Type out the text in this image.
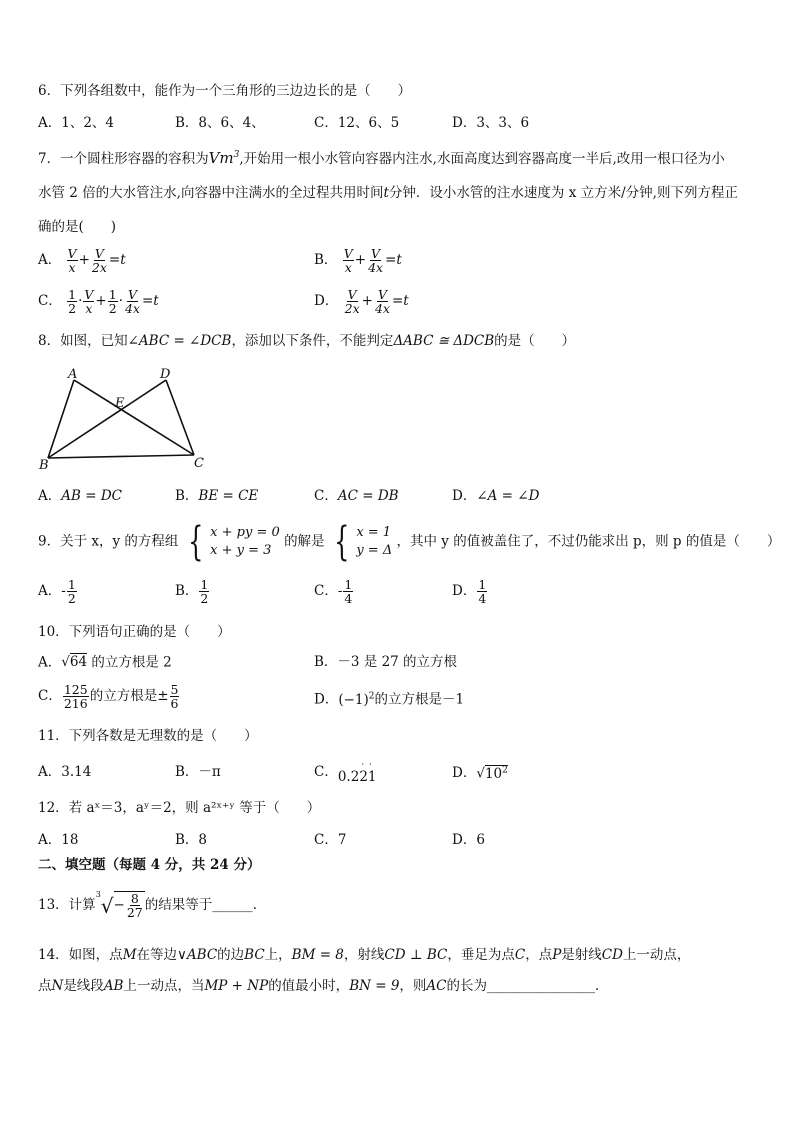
6．下列各组数中，能作为一个三角形的三边边长的是（　　）
A．1、2、4	B．8、6、4、	C．12、6、5	D．3、3、6
7．一个圆柱形容器的容积为Vm$^3$,开始用一根小水管向容器内注水,水面高度达到容器高度一半后,改用一根口径为小
水管 2 倍的大水管注水,向容器中注满水的全过程共用时间t分钟．设小水管的注水速度为 x 立方米/分钟,则下列方程正
确的是(　　)
A． $\frac{V}{x} + \frac{V}{2x} =t$	B． $\frac{V}{x} + \frac{V}{4x} =t$
C． $\frac{1}{2} \cdot \frac{V}{x} + \frac{1}{2} \cdot \frac{V}{4x} =t$	D． $\frac{V}{2x} + \frac{V}{4x} =t$
8．如图，已知∠ABC = ∠DCB，添加以下条件，不能判定ΔABC ≅ ΔDCB的是（　　）
A	D
E
B	C
A．AB = DC	B．BE = CE	C．AC = DB	D．∠A = ∠D
9．关于 x，y 的方程组 { x + py = 0
x + y = 3
的解是 { x = 1
y = Δ
，其中 y 的值被盖住了，不过仍能求出 p，则 p 的值是（　　）
A．- $\frac{1}{2}$	B． $\frac{1}{2}$	C．- $\frac{1}{4}$	D． $\frac{1}{4}$
10．下列语句正确的是（　　）
A．√64 的立方根是 2	B．－3 是 27 的立方根
C． $\frac{125}{216}$ 的立方根是± $\frac{5}{6}$	D．$(-1)^2$的立方根是－1
11．下列各数是无理数的是（　　）
A．3.14	B．－π	C．0.22
·
1
·	D．$√10^2$
12．若 aˣ＝3，aʸ＝2，则 a²ˣ⁺ʸ 等于（　　）
A．18	B．8	C．7	D．6
二、填空题（每题 4 分，共 24 分）
13．计算$^3√- \frac{8}{27}$ 的结果等于______．
14．如图，点M在等边∨ABC的边BC上，BM = 8，射线CD ⊥ BC，垂足为点C，点P是射线CD上一动点，
点N是线段AB上一动点，当MP + NP的值最小时，BN = 9，则AC的长为________________．
